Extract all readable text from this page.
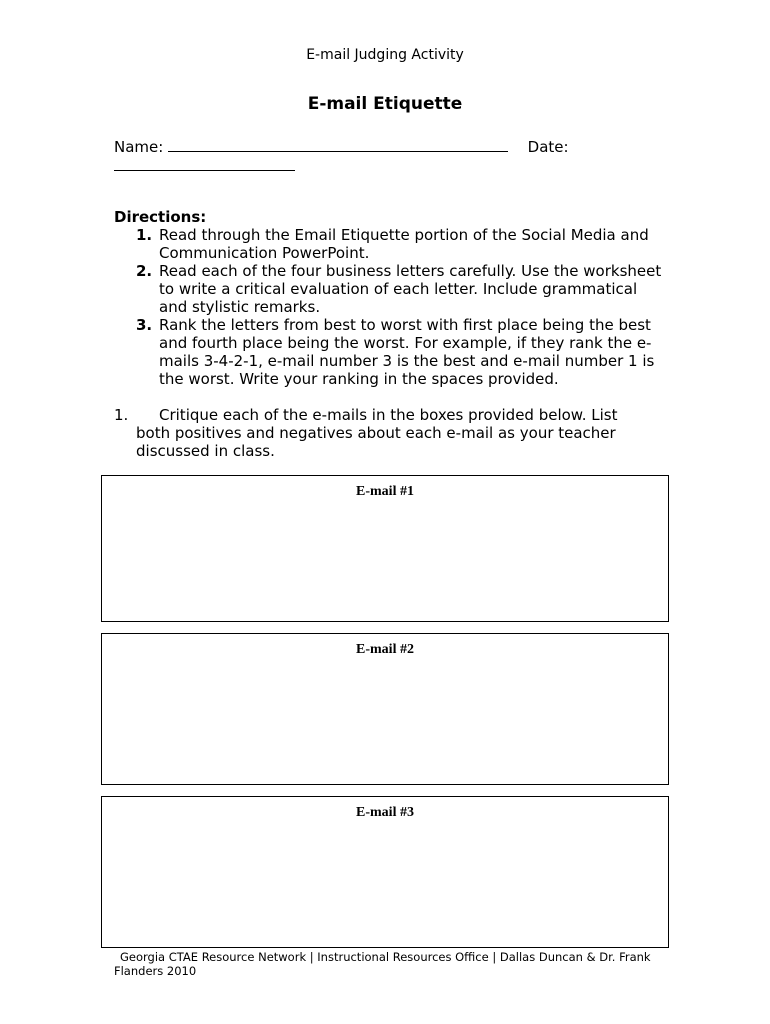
E-mail Judging Activity
E-mail Etiquette
Name:	Date:
Directions:
1. Read through the Email Etiquette portion of the Social Media and Communication PowerPoint.
2. Read each of the four business letters carefully. Use the worksheet to write a critical evaluation of each letter. Include grammatical and stylistic remarks.
3. Rank the letters from best to worst with first place being the best and fourth place being the worst. For example, if they rank the e-mails 3-4-2-1, e-mail number 3 is the best and e-mail number 1 is the worst. Write your ranking in the spaces provided.
1. Critique each of the e-mails in the boxes provided below. List
both positives and negatives about each e-mail as your teacher
discussed in class.
E-mail #1
E-mail #2
E-mail #3
Georgia CTAE Resource Network | Instructional Resources Office | Dallas Duncan & Dr. Frank
Flanders 2010
